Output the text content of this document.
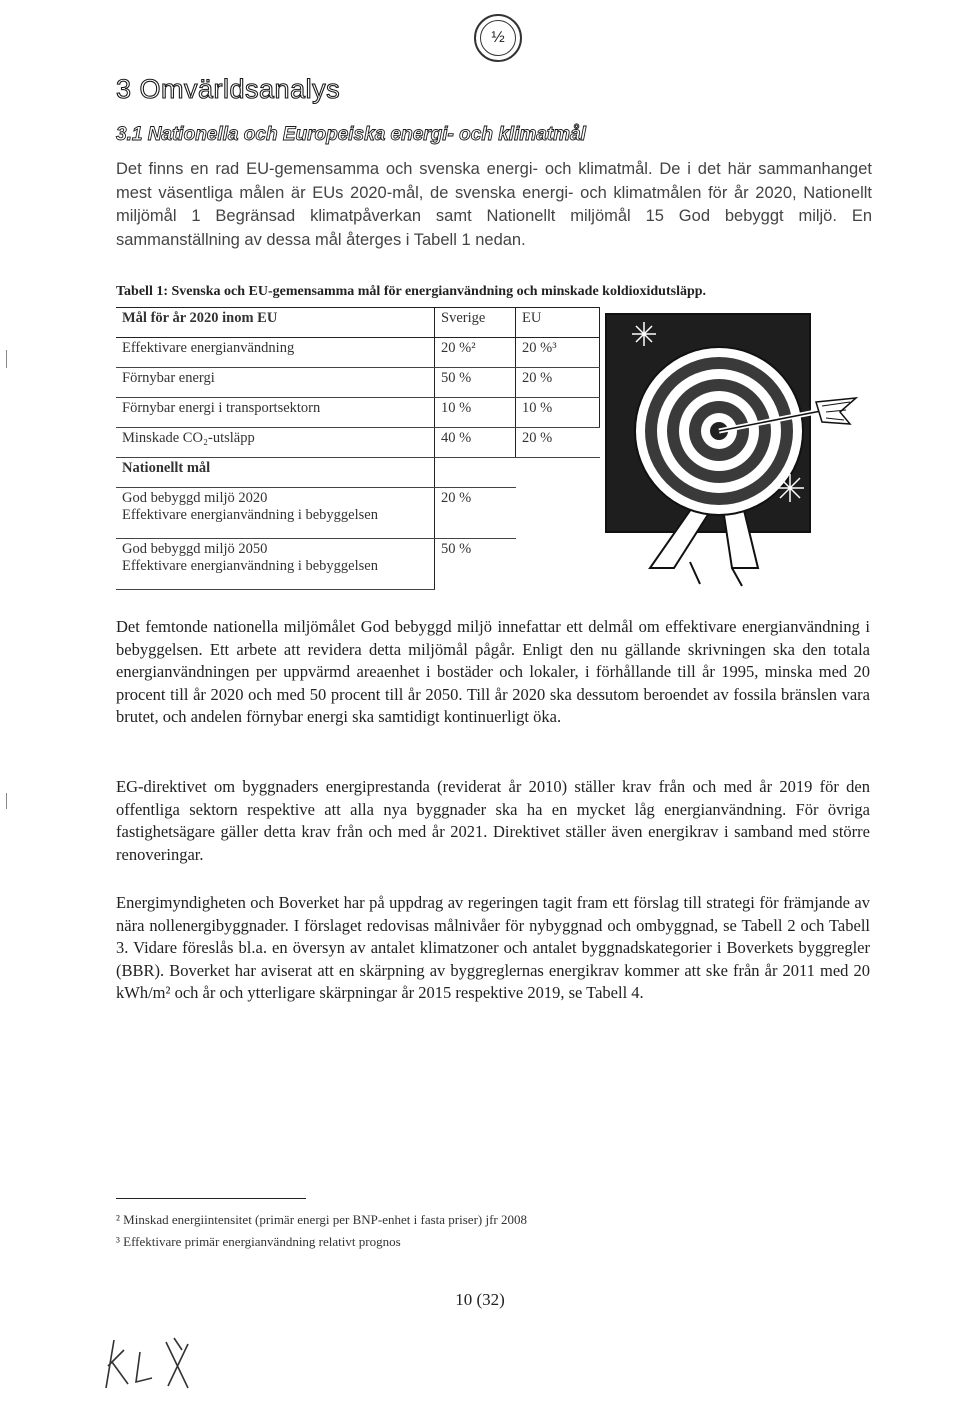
½
3 Omvärldsanalys
3.1 Nationella och Europeiska energi- och klimatmål

Det finns en rad EU-gemensamma och svenska energi- och klimatmål. De i det här sammanhanget mest väsentliga målen är EUs 2020-mål, de svenska energi- och klimatmålen för år 2020, Nationellt miljömål 1 Begränsad klimatpåverkan samt Nationellt miljömål 15 God bebyggt miljö. En sammanställning av dessa mål återges i Tabell 1 nedan.

Tabell 1: Svenska och EU-gemensamma mål för energianvändning och minskade koldioxidutsläpp.

Mål för år 2020 inom EU	Sverige	EU
Effektivare energianvändning	20 %²	20 %³
Förnybar energi	50 %	20 %
Förnybar energi i transportsektorn	10 %	10 %
Minskade CO₂-utsläpp	40 %	20 %
Nationellt mål		

God bebyggd miljö 2020
Effektivare energianvändning i bebyggelsen	20 %	

God bebyggd miljö 2050
Effektivare energianvändning i bebyggelsen	50 %	

Det femtonde nationella miljömålet God bebyggd miljö innefattar ett delmål om effektivare energianvändning i bebyggelsen. Ett arbete att revidera detta miljömål pågår. Enligt den nu gällande skrivningen ska den totala energianvändningen per uppvärmd areaenhet i bostäder och lokaler, i förhållande till år 1995, minska med 20 procent till år 2020 och med 50 procent till år 2050. Till år 2020 ska dessutom beroendet av fossila bränslen vara brutet, och andelen förnybar energi ska samtidigt kontinuerligt öka.

EG-direktivet om byggnaders energiprestanda (reviderat år 2010) ställer krav från och med år 2019 för den offentliga sektorn respektive att alla nya byggnader ska ha en mycket låg energianvändning. För övriga fastighetsägare gäller detta krav från och med år 2021. Direktivet ställer även energikrav i samband med större renoveringar.

Energimyndigheten och Boverket har på uppdrag av regeringen tagit fram ett förslag till strategi för främjande av nära nollenergibyggnader. I förslaget redovisas målnivåer för nybyggnad och ombyggnad, se Tabell 2 och Tabell 3. Vidare föreslås bl.a. en översyn av antalet klimatzoner och antalet byggnadskategorier i Boverkets byggregler (BBR). Boverket har aviserat att en skärpning av byggreglernas energikrav kommer att ske från år 2011 med 20 kWh/m² och år och ytterligare skärpningar år 2015 respektive 2019, se Tabell 4.

² Minskad energiintensitet (primär energi per BNP-enhet i fasta priser) jfr 2008

³ Effektivare primär energianvändning relativt prognos

10 (32)
